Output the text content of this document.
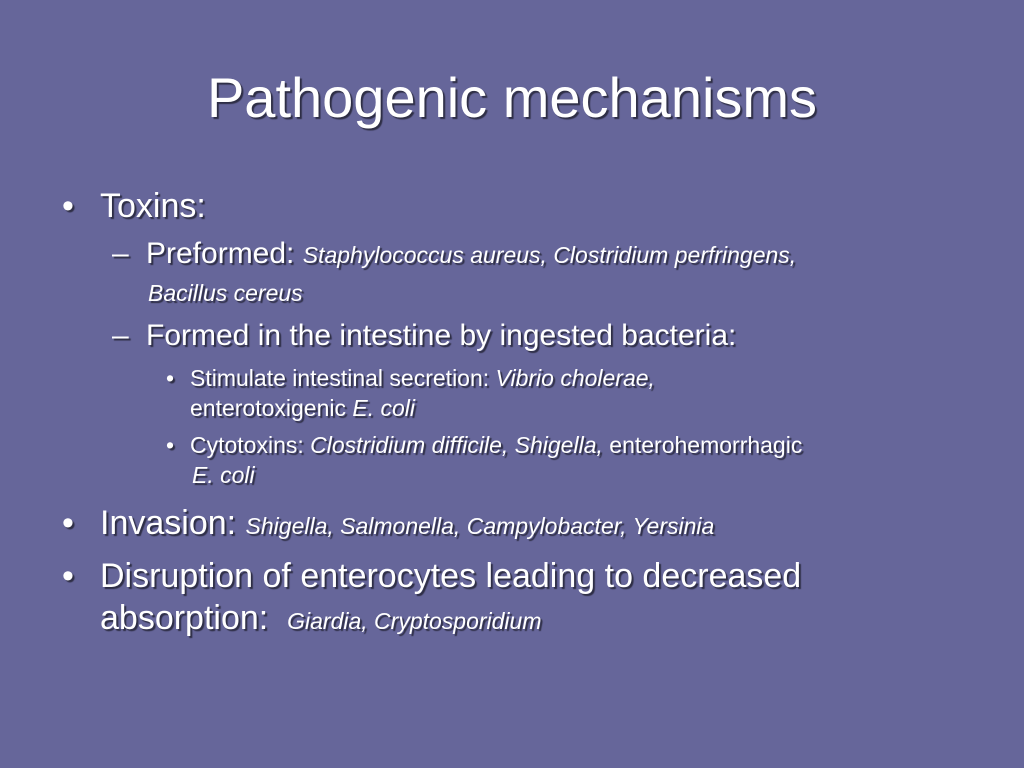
Pathogenic mechanisms
• Toxins:
– Preformed: Staphylococcus aureus, Clostridium perfringens,
Bacillus cereus
– Formed in the intestine by ingested bacteria:
• Stimulate intestinal secretion: Vibrio cholerae,
enterotoxigenic E. coli
• Cytotoxins: Clostridium difficile, Shigella, enterohemorrhagic
E. coli
• Invasion: Shigella, Salmonella, Campylobacter, Yersinia
• Disruption of enterocytes leading to decreased
absorption:  Giardia, Cryptosporidium
